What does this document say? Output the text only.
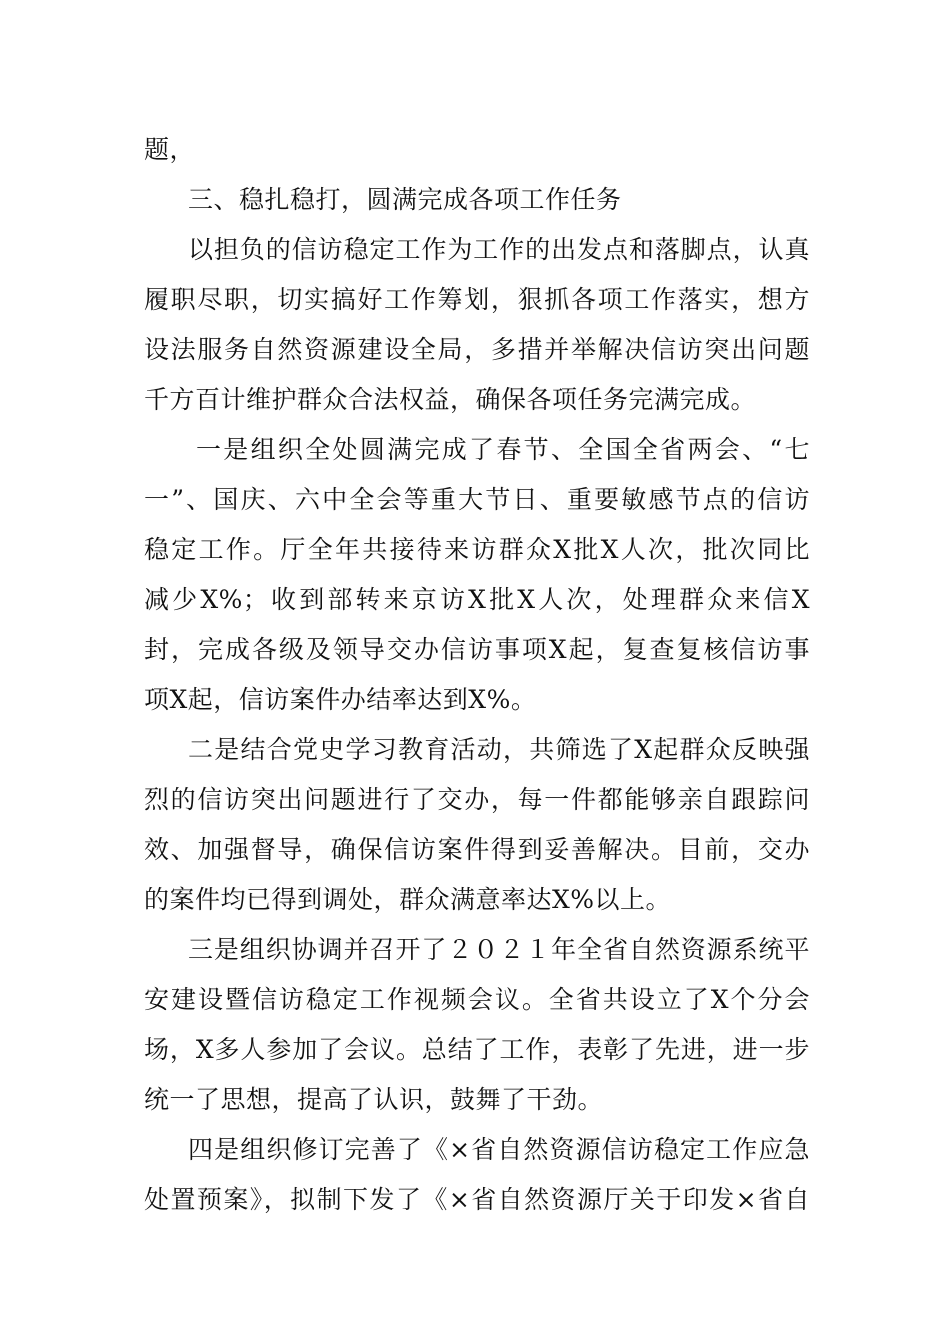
题，
三、稳扎稳打，圆满完成各项工作任务
以担负的信访稳定工作为工作的出发点和落脚点，认真
履职尽职，切实搞好工作筹划，狠抓各项工作落实，想方
设法服务自然资源建设全局，多措并举解决信访突出问题
千方百计维护群众合法权益，确保各项任务完满完成。
一是组织全处圆满完成了春节、全国全省两会、“七
一”、国庆、六中全会等重大节日、重要敏感节点的信访
稳定工作。厅全年共接待来访群众X批X人次，批次同比
减少X%；收到部转来京访X批X人次，处理群众来信X
封，完成各级及领导交办信访事项X起，复查复核信访事
项X起，信访案件办结率达到X%。
二是结合党史学习教育活动，共筛选了X起群众反映强
烈的信访突出问题进行了交办，每一件都能够亲自跟踪问
效、加强督导，确保信访案件得到妥善解决。目前，交办
的案件均已得到调处，群众满意率达X%以上。
三是组织协调并召开了２０２１年全省自然资源系统平
安建设暨信访稳定工作视频会议。全省共设立了X个分会
场，X多人参加了会议。总结了工作，表彰了先进，进一步
统一了思想，提高了认识，鼓舞了干劲。
四是组织修订完善了《×省自然资源信访稳定工作应急
处置预案》，拟制下发了《×省自然资源厅关于印发×省自
